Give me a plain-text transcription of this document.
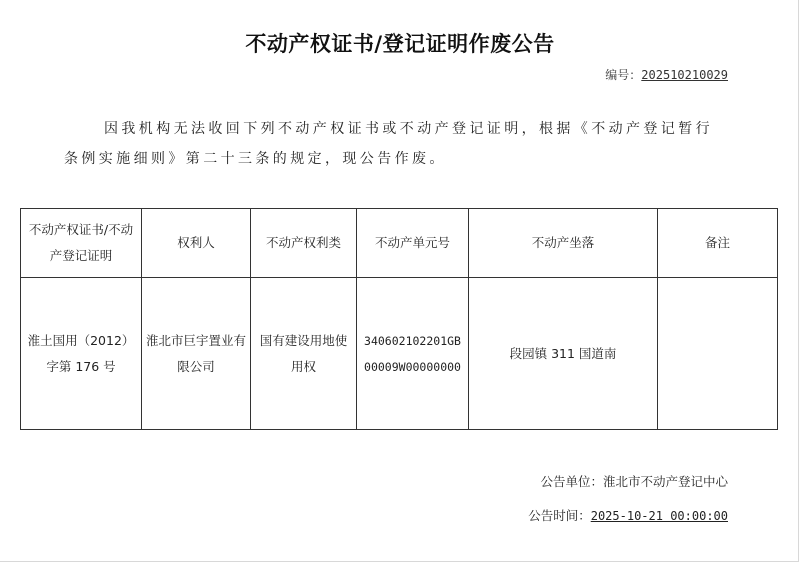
不动产权证书/登记证明作废公告
编号：202510210029
因我机构无法收回下列不动产权证书或不动产登记证明，根据《不动产登记暂行条例实施细则》第二十三条的规定，现公告作废。
不动产权证书/不动产登记证明	权利人	不动产权利类	不动产单元号	不动产坐落	备注
淮土国用（2012）字第 176 号	淮北市巨宇置业有限公司	国有建设用地使用权	340602102201GB00009W00000000	段园镇 311 国道南	
公告单位：淮北市不动产登记中心
公告时间：2025-10-21 00:00:00
